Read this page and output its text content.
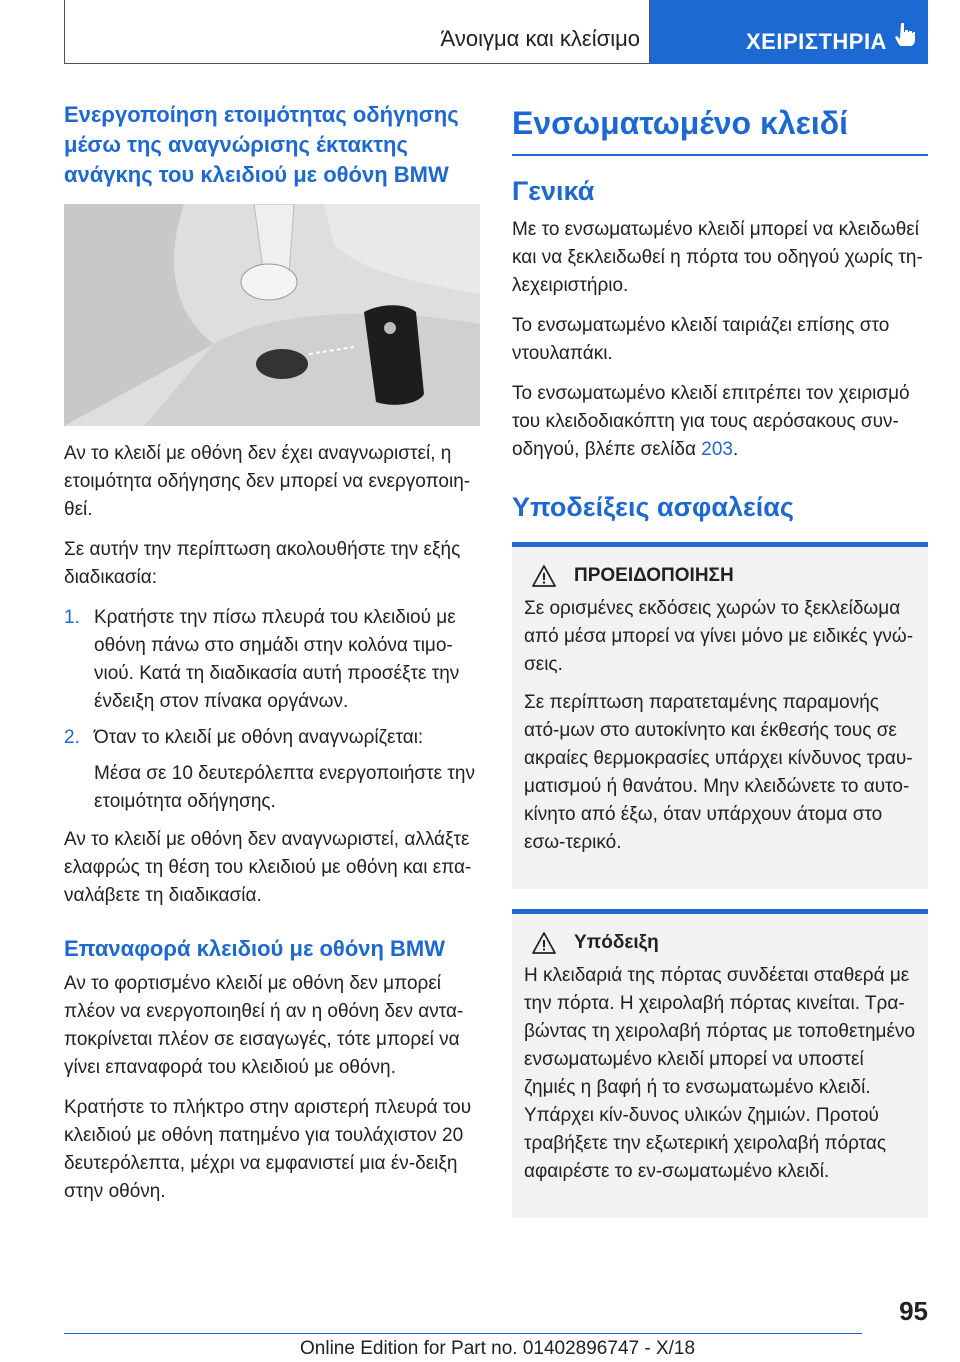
Άνοιγμα και κλείσιμο	ΧΕΙΡΙΣΤΗΡΙΑ
Ενεργοποίηση ετοιμότητας οδήγησης μέσω της αναγνώρισης έκτακτης ανάγκης του κλειδιού με οθόνη BMW

Αν το κλειδί με οθόνη δεν έχει αναγνωριστεί, η ετοιμότητα οδήγησης δεν μπορεί να ενεργοποιη-θεί.

Σε αυτήν την περίπτωση ακολουθήστε την εξής διαδικασία:

1. Κρατήστε την πίσω πλευρά του κλειδιού με οθόνη πάνω στο σημάδι στην κολόνα τιμο-νιού. Κατά τη διαδικασία αυτή προσέξτε την ένδειξη στον πίνακα οργάνων.
2. Όταν το κλειδί με οθόνη αναγνωρίζεται:
Μέσα σε 10 δευτερόλεπτα ενεργοποιήστε την ετοιμότητα οδήγησης.

Αν το κλειδί με οθόνη δεν αναγνωριστεί, αλλάξτε ελαφρώς τη θέση του κλειδιού με οθόνη και επα-ναλάβετε τη διαδικασία.

Επαναφορά κλειδιού με οθόνη BMW

Αν το φορτισμένο κλειδί με οθόνη δεν μπορεί πλέον να ενεργοποιηθεί ή αν η οθόνη δεν αντα-ποκρίνεται πλέον σε εισαγωγές, τότε μπορεί να γίνει επαναφορά του κλειδιού με οθόνη.

Κρατήστε το πλήκτρο στην αριστερή πλευρά του κλειδιού με οθόνη πατημένο για τουλάχιστον 20 δευτερόλεπτα, μέχρι να εμφανιστεί μια έν-δειξη στην οθόνη.

Ενσωματωμένο κλειδί
Γενικά

Με το ενσωματωμένο κλειδί μπορεί να κλειδωθεί και να ξεκλειδωθεί η πόρτα του οδηγού χωρίς τη-λεχειριστήριο.

Το ενσωματωμένο κλειδί ταιριάζει επίσης στο ντουλαπάκι.

Το ενσωματωμένο κλειδί επιτρέπει τον χειρισμό του κλειδοδιακόπτη για τους αερόσακους συν-οδηγού, βλέπε σελίδα 203.

Υποδείξεις ασφαλείας
ΠΡΟΕΙΔΟΠΟΙΗΣΗ

Σε ορισμένες εκδόσεις χωρών το ξεκλείδωμα από μέσα μπορεί να γίνει μόνο με ειδικές γνώ-σεις.

Σε περίπτωση παρατεταμένης παραμονής ατό-μων στο αυτοκίνητο και έκθεσής τους σε ακραίες θερμοκρασίες υπάρχει κίνδυνος τραυ-ματισμού ή θανάτου. Μην κλειδώνετε το αυτο-κίνητο από έξω, όταν υπάρχουν άτομα στο εσω-τερικό.

Υπόδειξη

Η κλειδαριά της πόρτας συνδέεται σταθερά με την πόρτα. Η χειρολαβή πόρτας κινείται. Τρα-βώντας τη χειρολαβή πόρτας με τοποθετημένο ενσωματωμένο κλειδί μπορεί να υποστεί ζημιές η βαφή ή το ενσωματωμένο κλειδί. Υπάρχει κίν-δυνος υλικών ζημιών. Προτού τραβήξετε την εξωτερική χειρολαβή πόρτας αφαιρέστε το εν-σωματωμένο κλειδί.

95
Online Edition for Part no. 01402896747 - X/18
